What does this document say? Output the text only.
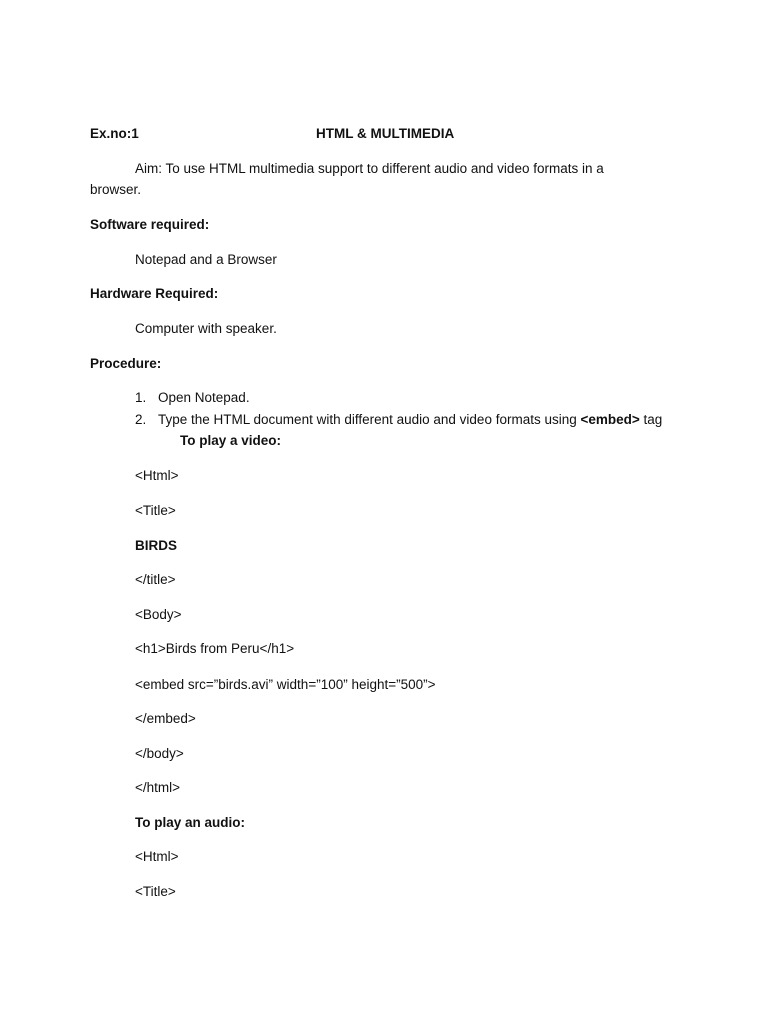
Ex.no:1	HTML & MULTIMEDIA
Aim: To use HTML multimedia support to different audio and video formats in a
browser.
Software required:
Notepad and a Browser
Hardware Required:
Computer with speaker.
Procedure:
1. Open Notepad.
2. Type the HTML document with different audio and video formats using <embed> tag
To play a video:
<Html>
<Title>
BIRDS
</title>
<Body>
<h1>Birds from Peru</h1>
<embed src=”birds.avi” width=”100” height=”500”>
</embed>
</body>
</html>
To play an audio:
<Html>
<Title>
